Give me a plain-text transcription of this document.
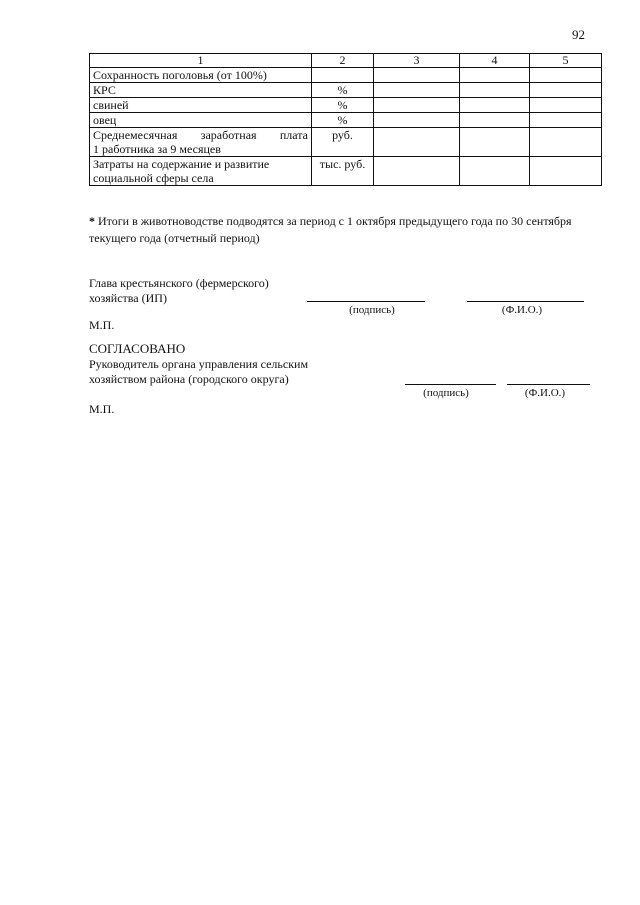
92
1	2	3	4	5
Сохранность поголовья (от 100%)				
КРС	%			
свиней	%			
овец	%			

Среднемесячная заработная плата
1 работника за 9 месяцев	руб.			

Затраты на содержание и развитие
социальной сферы села	тыс. руб.			
* Итоги в животноводстве подводятся за период с 1 октября предыдущего года по 30 сентября текущего года (отчетный период)
Глава крестьянского (фермерского)
хозяйства (ИП)
(подпись)	(Ф.И.О.)
М.П.
СОГЛАСОВАНО
Руководитель органа управления сельским
хозяйством района (городского округа)
(подпись)	(Ф.И.О.)
М.П.
